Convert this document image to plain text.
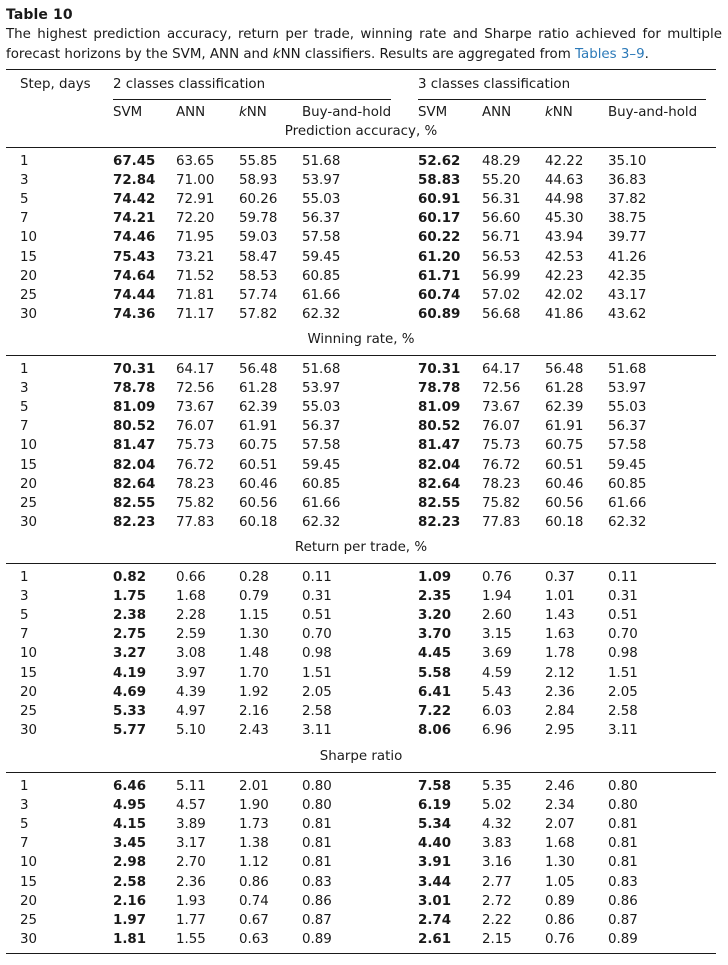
Table 10
The highest prediction accuracy, return per trade, winning rate and Sharpe ratio achieved for multiple forecast horizons by the SVM, ANN and kNN classifiers. Results are aggregated from Tables 3–9.
Step, days 2 classes classification	3 classes classification
SVM	ANN	kNN	Buy-and-hold SVM	ANN	kNN	Buy-and-hold
Prediction accuracy, %
1	67.45 63.65 55.85 51.68	52.62 48.29 42.22 35.10
3	72.84 71.00 58.93 53.97	58.83 55.20 44.63 36.83
5	74.42 72.91 60.26 55.03	60.91 56.31 44.98 37.82
7	74.21 72.20 59.78 56.37	60.17 56.60 45.30 38.75
10	74.46 71.95 59.03 57.58	60.22 56.71 43.94 39.77
15	75.43 73.21 58.47 59.45	61.20 56.53 42.53 41.26
20	74.64 71.52 58.53 60.85	61.71 56.99 42.23 42.35
25	74.44 71.81 57.74 61.66	60.74 57.02 42.02 43.17
30	74.36 71.17 57.82 62.32	60.89 56.68 41.86 43.62
Winning rate, %
1	70.31 64.17 56.48 51.68	70.31 64.17 56.48 51.68
3	78.78 72.56 61.28 53.97	78.78 72.56 61.28 53.97
5	81.09 73.67 62.39 55.03	81.09 73.67 62.39 55.03
7	80.52 76.07 61.91 56.37	80.52 76.07 61.91 56.37
10	81.47 75.73 60.75 57.58	81.47 75.73 60.75 57.58
15	82.04 76.72 60.51 59.45	82.04 76.72 60.51 59.45
20	82.64 78.23 60.46 60.85	82.64 78.23 60.46 60.85
25	82.55 75.82 60.56 61.66	82.55 75.82 60.56 61.66
30	82.23 77.83 60.18 62.32	82.23 77.83 60.18 62.32
Return per trade, %
1	0.82 0.66 0.28 0.11	1.09 0.76 0.37 0.11
3	1.75 1.68 0.79 0.31	2.35 1.94 1.01 0.31
5	2.38 2.28 1.15 0.51	3.20 2.60 1.43 0.51
7	2.75 2.59 1.30 0.70	3.70 3.15 1.63 0.70
10	3.27 3.08 1.48 0.98	4.45 3.69 1.78 0.98
15	4.19 3.97 1.70 1.51	5.58 4.59 2.12 1.51
20	4.69 4.39 1.92 2.05	6.41 5.43 2.36 2.05
25	5.33 4.97 2.16 2.58	7.22 6.03 2.84 2.58
30	5.77 5.10 2.43 3.11	8.06 6.96 2.95 3.11
Sharpe ratio
1	6.46 5.11 2.01 0.80	7.58 5.35 2.46 0.80
3	4.95 4.57 1.90 0.80	6.19 5.02 2.34 0.80
5	4.15 3.89 1.73 0.81	5.34 4.32 2.07 0.81
7	3.45 3.17 1.38 0.81	4.40 3.83 1.68 0.81
10	2.98 2.70 1.12 0.81	3.91 3.16 1.30 0.81
15	2.58 2.36 0.86 0.83	3.44 2.77 1.05 0.83
20	2.16 1.93 0.74 0.86	3.01 2.72 0.89 0.86
25	1.97 1.77 0.67 0.87	2.74 2.22 0.86 0.87
30	1.81 1.55 0.63 0.89	2.61 2.15 0.76 0.89
